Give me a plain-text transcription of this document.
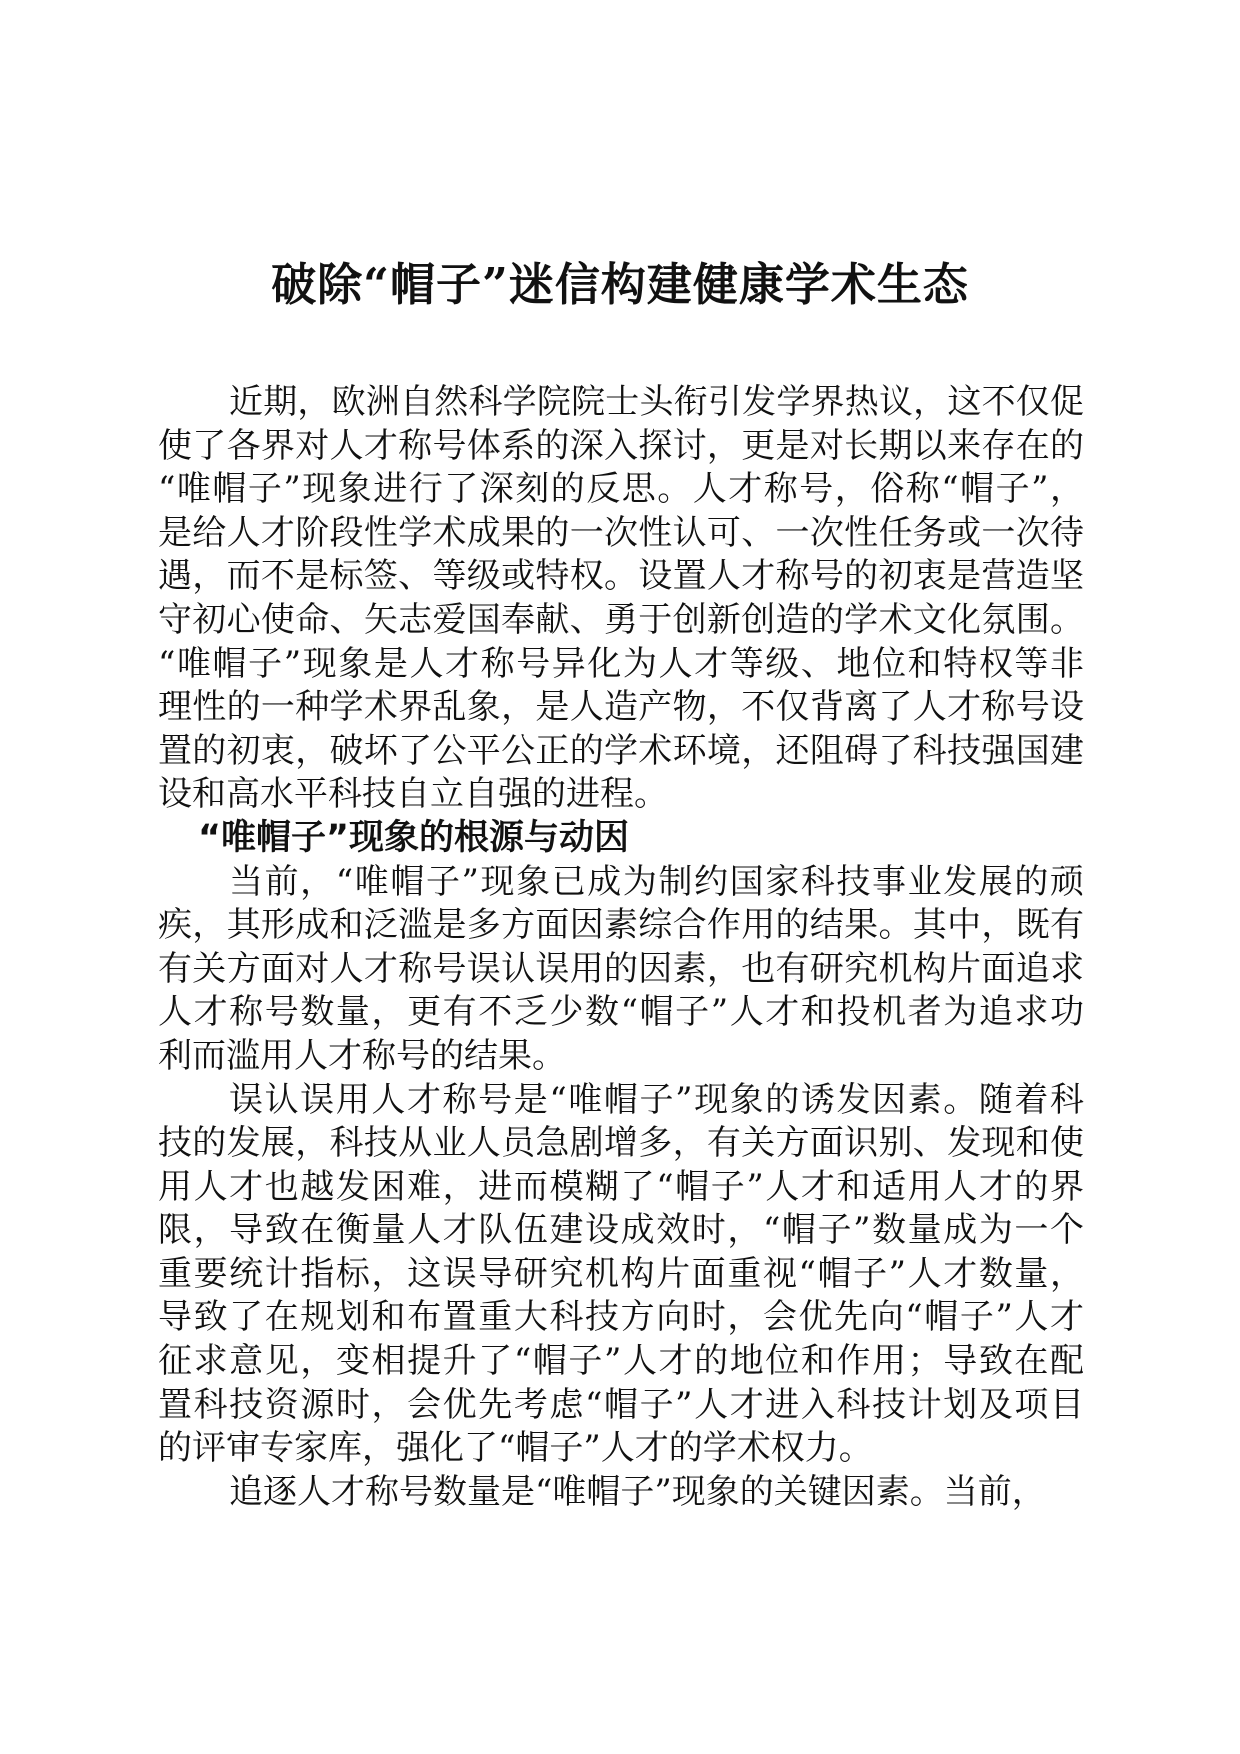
破除“帽子”迷信构建健康学术生态
近期，欧洲自然科学院院士头衔引发学界热议，这不仅促
使了各界对人才称号体系的深入探讨，更是对长期以来存在的
“唯帽子”现象进行了深刻的反思。人才称号，俗称“帽子”，
是给人才阶段性学术成果的一次性认可、一次性任务或一次待
遇，而不是标签、等级或特权。设置人才称号的初衷是营造坚
守初心使命、矢志爱国奉献、勇于创新创造的学术文化氛围。
“唯帽子”现象是人才称号异化为人才等级、地位和特权等非
理性的一种学术界乱象，是人造产物，不仅背离了人才称号设
置的初衷，破坏了公平公正的学术环境，还阻碍了科技强国建
设和高水平科技自立自强的进程。
“唯帽子”现象的根源与动因
当前，“唯帽子”现象已成为制约国家科技事业发展的顽
疾，其形成和泛滥是多方面因素综合作用的结果。其中，既有
有关方面对人才称号误认误用的因素，也有研究机构片面追求
人才称号数量，更有不乏少数“帽子”人才和投机者为追求功
利而滥用人才称号的结果。
误认误用人才称号是“唯帽子”现象的诱发因素。随着科
技的发展，科技从业人员急剧增多，有关方面识别、发现和使
用人才也越发困难，进而模糊了“帽子”人才和适用人才的界
限，导致在衡量人才队伍建设成效时，“帽子”数量成为一个
重要统计指标，这误导研究机构片面重视“帽子”人才数量，
导致了在规划和布置重大科技方向时，会优先向“帽子”人才
征求意见，变相提升了“帽子”人才的地位和作用；导致在配
置科技资源时，会优先考虑“帽子”人才进入科技计划及项目
的评审专家库，强化了“帽子”人才的学术权力。
追逐人才称号数量是“唯帽子”现象的关键因素。当前，
